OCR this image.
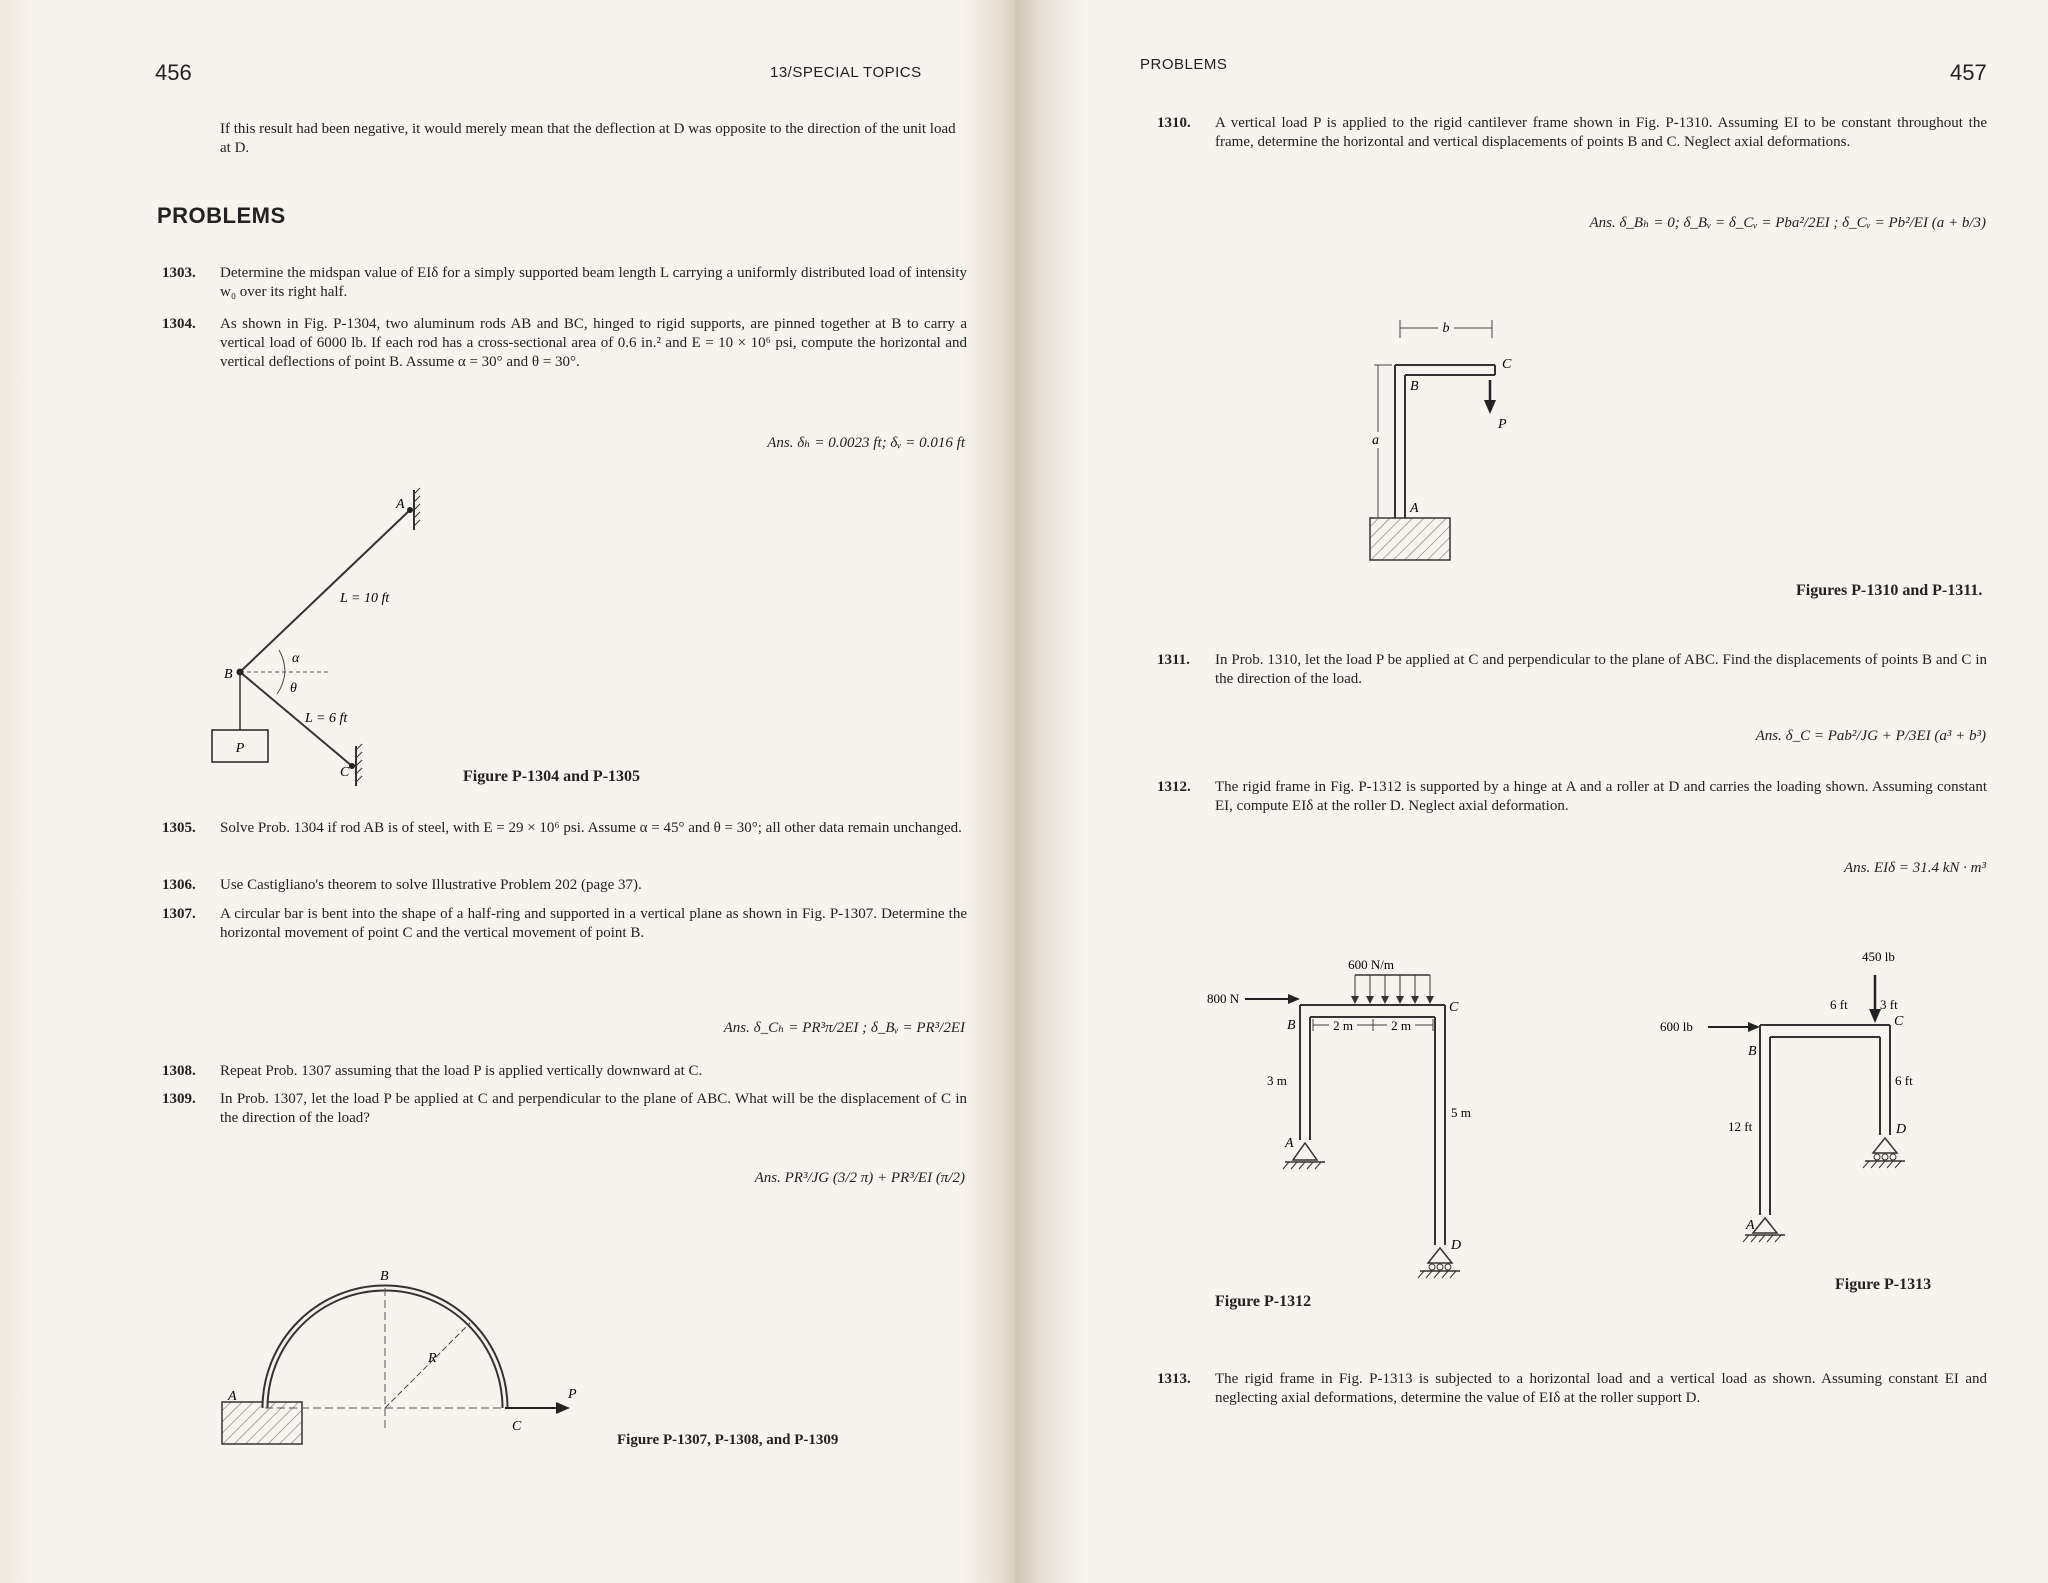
456	13/SPECIAL TOPICS
If this result had been negative, it would merely mean that the deflection at D was opposite to the direction of the unit load at D.
PROBLEMS
1303. Determine the midspan value of EIδ for a simply supported beam length L carrying a uniformly distributed load of intensity w₀ over its right half.
1304. As shown in Fig. P-1304, two aluminum rods AB and BC, hinged to rigid supports, are pinned together at B to carry a vertical load of 6000 lb. If each rod has a cross-sectional area of 0.6 in.² and E = 10 × 10⁶ psi, compute the horizontal and vertical deflections of point B. Assume α = 30° and θ = 30°.
Ans. δₕ = 0.0023 ft; δᵥ = 0.016 ft
P
A
B
C
L = 10 ft
L = 6 ft
α
θ
Figure P-1304 and P-1305
1305. Solve Prob. 1304 if rod AB is of steel, with E = 29 × 10⁶ psi. Assume α = 45° and θ = 30°; all other data remain unchanged.
1306. Use Castigliano's theorem to solve Illustrative Problem 202 (page 37).
1307. A circular bar is bent into the shape of a half-ring and supported in a vertical plane as shown in Fig. P-1307. Determine the horizontal movement of point C and the vertical movement of point B.
Ans. δ_Cₕ = PR³π/2EI ; δ_Bᵥ = PR³/2EI
1308. Repeat Prob. 1307 assuming that the load P is applied vertically downward at C.
1309. In Prob. 1307, let the load P be applied at C and perpendicular to the plane of ABC. What will be the displacement of C in the direction of the load?
Ans. PR³/JG (3/2 π) + PR³/EI (π/2)
B
A
C
R
P
Figure P-1307, P-1308, and P-1309
PROBLEMS	457
1310. A vertical load P is applied to the rigid cantilever frame shown in Fig. P-1310. Assuming EI to be constant throughout the frame, determine the horizontal and vertical displacements of points B and C. Neglect axial deformations.
Ans. δ_Bₕ = 0; δ_Bᵥ = δ_Cᵥ = Pba²/2EI ; δ_Cᵥ = Pb²/EI (a + b/3)
b
a
B
C
P
A
Figures P-1310 and P-1311.
1311. In Prob. 1310, let the load P be applied at C and perpendicular to the plane of ABC. Find the displacements of points B and C in the direction of the load.
Ans. δ_C = Pab²/JG + P/3EI (a³ + b³)
1312. The rigid frame in Fig. P-1312 is supported by a hinge at A and a roller at D and carries the loading shown. Assuming constant EI, compute EIδ at the roller D. Neglect axial deformation.
Ans. EIδ = 31.4 kN · m³
2 m	2 m
600 N/m
800 N
3 m
5 m
B
C
A
D
Figure P-1312
450 lb
600 lb
6 ft 3 ft
6 ft
12 ft
B
C
D
A
Figure P-1313
1313. The rigid frame in Fig. P-1313 is subjected to a horizontal load and a vertical load as shown. Assuming constant EI and neglecting axial deformations, determine the value of EIδ at the roller support D.
